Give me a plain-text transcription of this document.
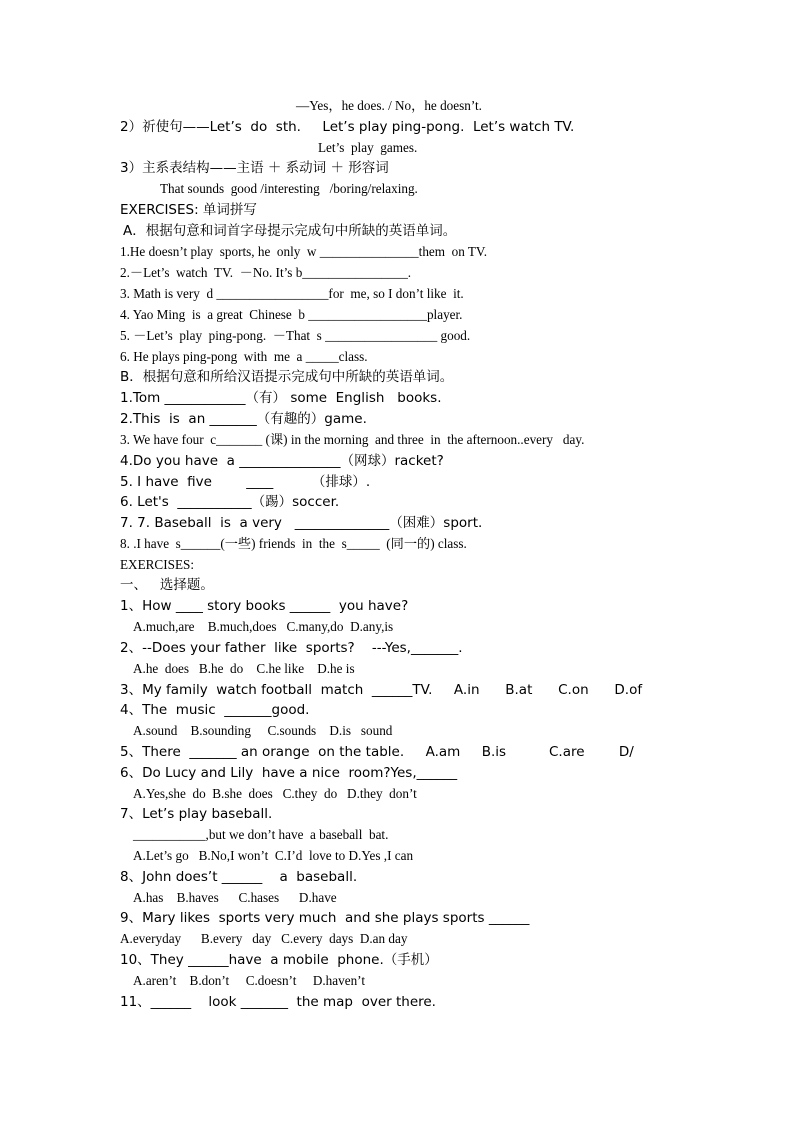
—Yes，he does. / No，he doesn’t.
2）祈使句——Let’s  do  sth.     Let’s play ping-pong.  Let’s watch TV.
Let’s  play  games.
3）主系表结构——主语 ＋ 系动词 ＋ 形容词
That sounds  good /interesting   /boring/relaxing.
EXERCISES: 单词拼写
A．根据句意和词首字母提示完成句中所缺的英语单词。
1.He doesn’t play  sports, he  only  w _______________them  on TV.
2.－Let’s  watch  TV.  －No. It’s b________________.
3. Math is very  d _________________for  me, so I don’t like  it.
4. Yao Ming  is  a great  Chinese  b __________________player.
5. －Let’s  play  ping-pong.  －That  s _________________ good.
6. He plays ping-pong  with  me  a _____class.
B．根据句意和所给汉语提示完成句中所缺的英语单词。
1.Tom ____________（有） some  English   books.
2.This  is  an _______（有趣的）game.
3. We have four  c_______ (课) in the morning  and three  in  the afternoon..every   day.
4.Do you have  a _______________（网球）racket?
5. I have  five        ____         （排球）.
6. Let's  ___________（踢）soccer.
7. 7. Baseball  is  a very   ______________（困难）sport.
8. .I have  s______(一些) friends  in  the  s_____  (同一的) class.
EXERCISES:
一、   选择题。
1、How ____ story books ______  you have?
A.much,are    B.much,does   C.many,do  D.any,is
2、--Does your father  like  sports?    ---Yes,_______.
A.he  does   B.he  do    C.he like    D.he is
3、My family  watch football  match  ______TV.     A.in      B.at      C.on      D.of
4、The  music  _______good.
A.sound    B.sounding     C.sounds    D.is   sound
5、There  _______ an orange  on the table.     A.am     B.is          C.are        D/
6、Do Lucy and Lily  have a nice  room?Yes,______
A.Yes,she  do  B.she  does   C.they  do   D.they  don’t
7、Let’s play baseball.
___________,but we don’t have  a baseball  bat.
A.Let’s go   B.No,I won’t  C.I’d  love to D.Yes ,I can
8、John does’t ______    a  baseball.
A.has    B.haves      C.hases      D.have
9、Mary likes  sports very much  and she plays sports ______
A.everyday      B.every   day   C.every  days  D.an day
10、They ______have  a mobile  phone.（手机）
A.aren’t    B.don’t     C.doesn’t     D.haven’t
11、______    look _______  the map  over there.
